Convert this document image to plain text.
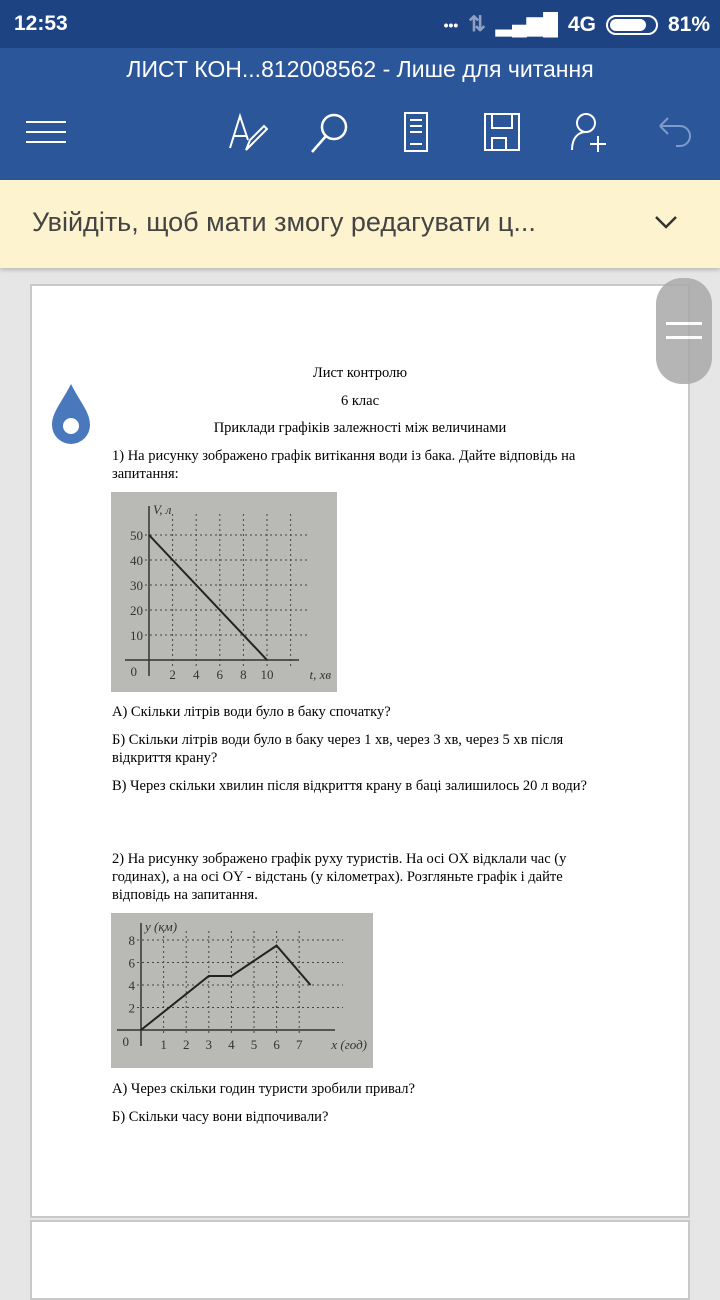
12:53	••• ⇅ ▂▄▆█ 4G	81%
ЛИСТ КОН...812008562 - Лише для читання
Увійдіть, щоб мати змогу редагувати ц...
Лист контролю
6 клас
Приклади графіків залежності між величинами
1) На рисунку зображено графік витікання води із бака. Дайте відповідь на запитання:
2 4 6 8 10
10
20
30
40
50
0
V, л
t, хв
А) Скільки літрів води було в баку спочатку?
Б) Скільки літрів води було в баку через 1 хв, через 3 хв, через 5 хв після відкриття крану?
В) Через скільки хвилин після відкриття крану в баці залишилось 20 л води?
2) На рисунку зображено графік руху туристів. На осі OX відклали час (у годинах), а на осі OY - відстань (у кілометрах). Розгляньте графік і дайте відповідь на запитання.
1 2 3 4 5 6 7
2
4
6
8
0
y (км)
x (год)
А) Через скільки годин туристи зробили привал?
Б) Скільки часу вони відпочивали?
